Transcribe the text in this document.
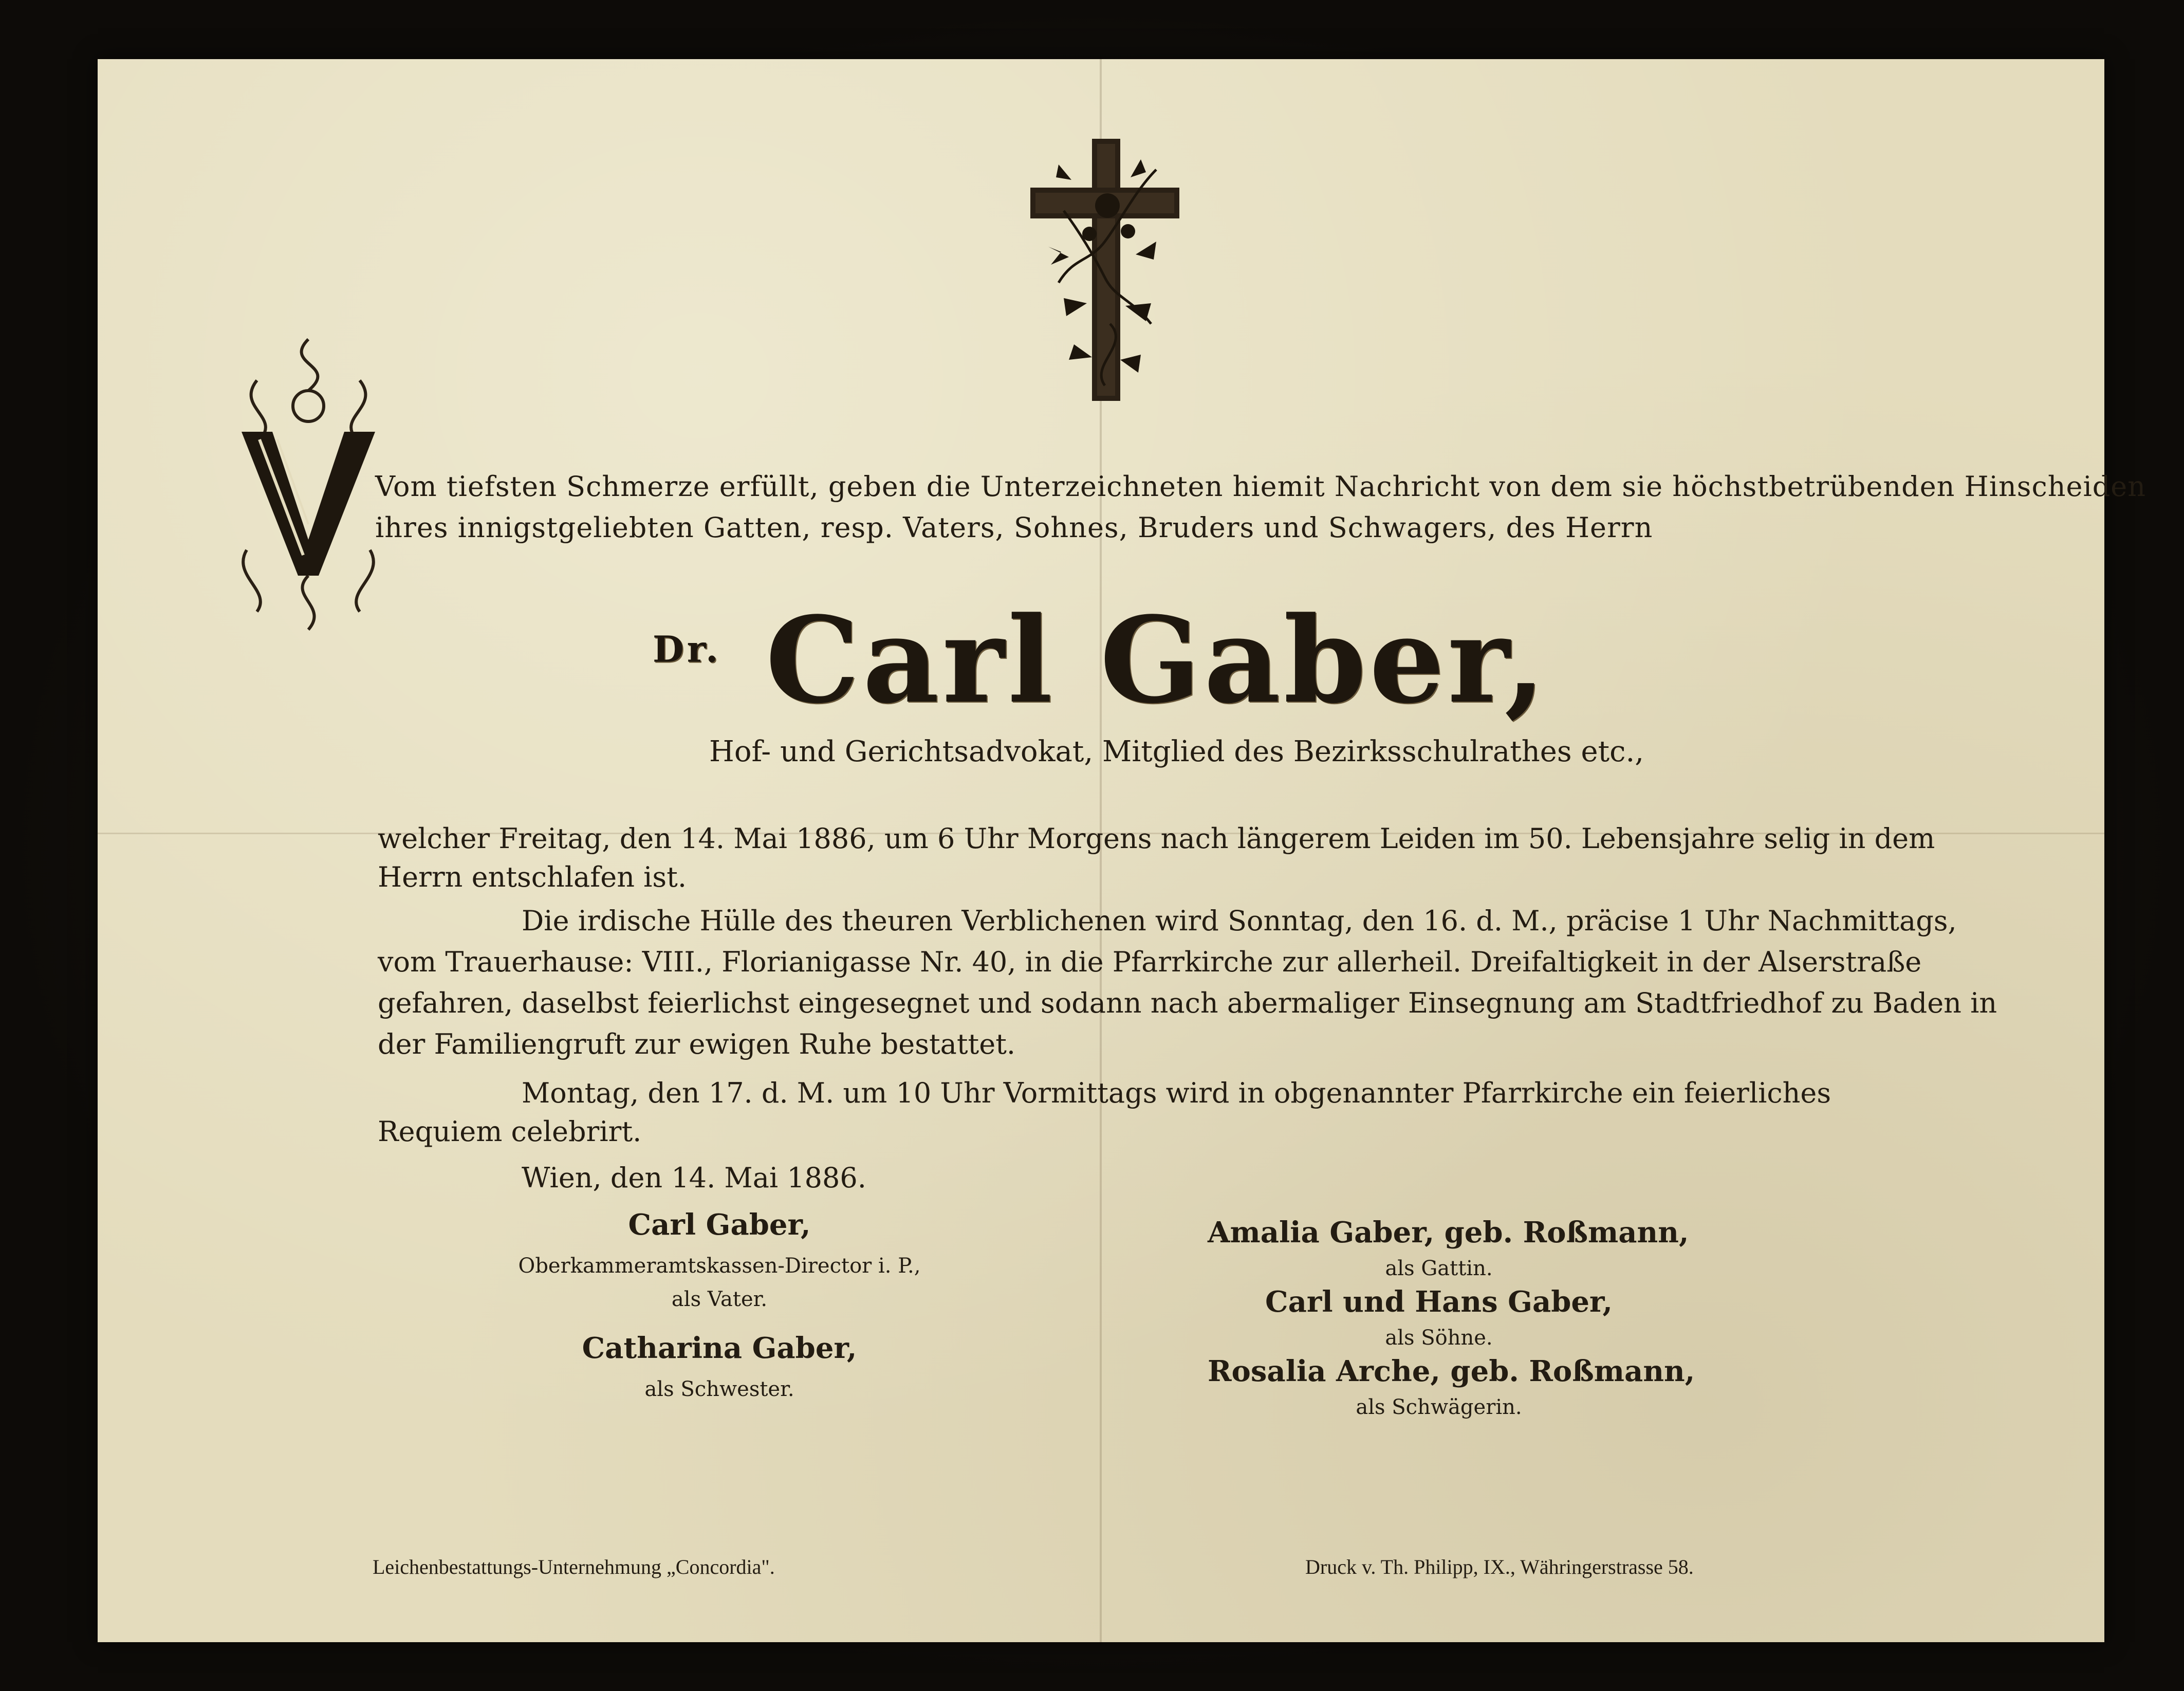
Vom tiefsten Schmerze erfüllt, geben die Unterzeichneten hiemit Nachricht von dem sie höchstbetrübenden Hinscheiden
ihres innigstgeliebten Gatten, resp. Vaters, Sohnes, Bruders und Schwagers, des Herrn
$^{Dr.}$ Carl Gaber,
Hof- und Gerichtsadvokat, Mitglied des Bezirksschulrathes etc.,
welcher Freitag, den 14. Mai 1886, um 6 Uhr Morgens nach längerem Leiden im 50. Lebensjahre selig in dem
Herrn entschlafen ist.
Die irdische Hülle des theuren Verblichenen wird Sonntag, den 16. d. M., präcise 1 Uhr Nachmittags,
vom Trauerhause: VIII., Florianigasse Nr. 40, in die Pfarrkirche zur allerheil. Dreifaltigkeit in der Alserstraße
gefahren, daselbst feierlichst eingesegnet und sodann nach abermaliger Einsegnung am Stadtfriedhof zu Baden in
der Familiengruft zur ewigen Ruhe bestattet.
Montag, den 17. d. M. um 10 Uhr Vormittags wird in obgenannter Pfarrkirche ein feierliches
Requiem celebrirt.
Wien, den 14. Mai 1886.
Carl Gaber,
Oberkammeramtskassen-Director i. P.,
als Vater.
Catharina Gaber,
als Schwester.
Amalia Gaber, geb. Roßmann,
als Gattin.
Carl und Hans Gaber,
als Söhne.
Rosalia Arche, geb. Roßmann,
als Schwägerin.
Leichenbestattungs-Unternehmung „Concordia".	Druck v. Th. Philipp, IX., Währingerstrasse 58.
